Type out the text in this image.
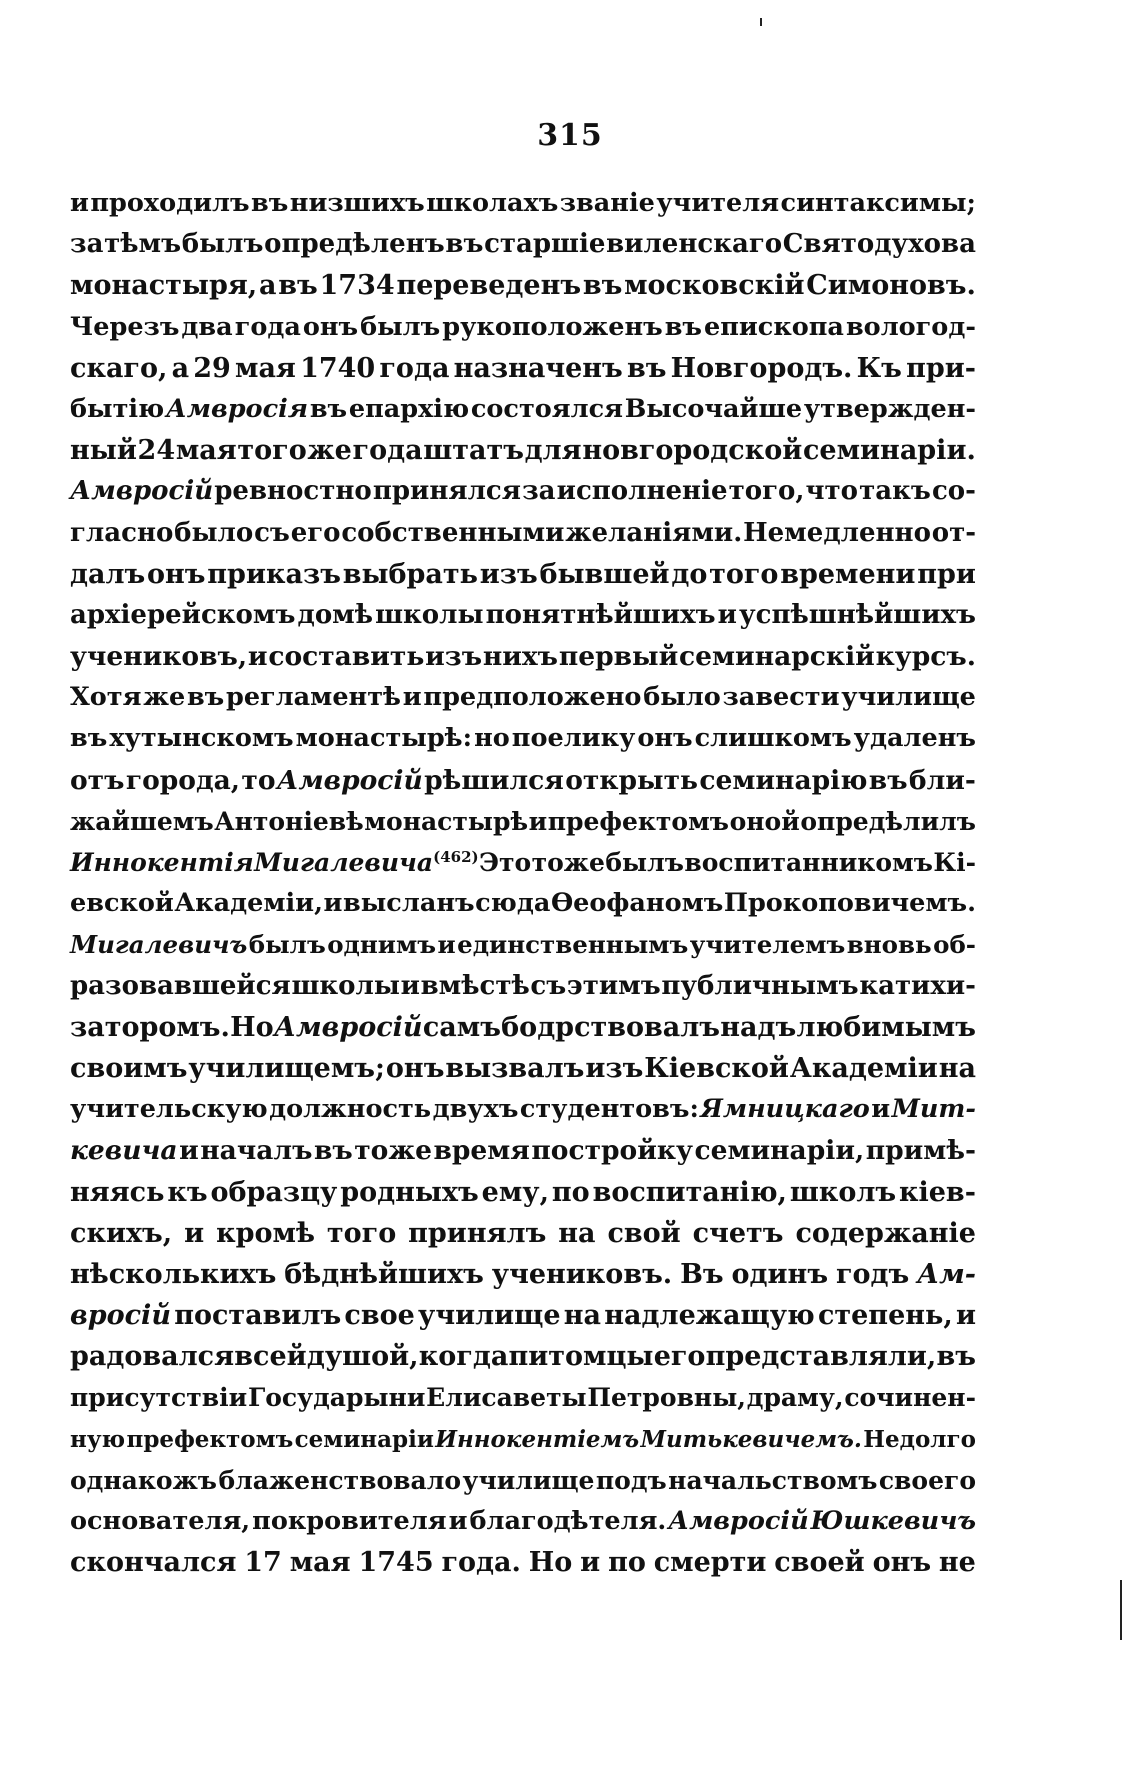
315
и проходилъ въ низшихъ школахъ званіе учителя синтаксимы;
за тѣмъ былъ опредѣленъ въ старшіе виленскаго Святодухова
монастыря, а въ 1734 переведенъ въ московскій Симоновъ.
Черезъ два года онъ былъ рукоположенъ въ епископа вологод-
скаго, а 29 мая 1740 года назначенъ въ Новгородъ. Къ при-
бытію Амвросія въ епархію состоялся Высочайше утвержден-
ный 24 мая того же года штатъ для новгородской семинаріи.
Амвросій ревностно принялся за исполненіе того, что такъ со-
гласно было съ его собственными желаніями. Немедленно от-
далъ онъ приказъ выбрать изъ бывшей до того времени при
архіерейскомъ домѣ школы понятнѣйшихъ и успѣшнѣйшихъ
учениковъ, и составить изъ нихъ первый семинарскій курсъ.
Хотя же въ регламентѣ и предположено было завести училище
въ хутынскомъ монастырѣ: но поелику онъ слишкомъ удаленъ
отъ города, то Амвросій рѣшился открыть семинарію въ бли-
жайшемъ Антоніевѣ монастырѣ и префектомъ оной опредѣлилъ
Иннокентія Мигалевича(462) Это тоже былъ воспитанникомъ Кі-
евской Академіи, и высланъ сюда Ѳеофаномъ Прокоповичемъ.
Мигалевичъ былъ однимъ и единственнымъ учителемъ вновь об-
разовавшейся школы и вмѣстѣ съ этимъ публичнымъ катихи-
заторомъ. Но Амвросій самъ бодрствовалъ надъ любимымъ
своимъ училищемъ; онъ вызвалъ изъ Кіевской Академіи на
учительскую должность двухъ студентовъ: Ямницкаго и Мит-
кевича и началъ въ тоже время постройку семинаріи, примѣ-
няясь къ образцу родныхъ ему, по воспитанію, школъ кіев-
скихъ, и кромѣ того принялъ на свой счетъ содержаніе
нѣсколькихъ бѣднѣйшихъ учениковъ. Въ одинъ годъ Ам-
вросій поставилъ свое училище на надлежащую степень, и
радовался всей душой, когда питомцы его представляли, въ
присутствіи Государыни Елисаветы Петровны, драму, сочинен-
ную префектомъ семинаріи Иннокентіемъ Митькевичемъ. Недолго
однакожъ блаженствовало училище подъ начальствомъ своего
основателя, покровителя и благодѣтеля. Амвросій Юшкевичъ
скончался 17 мая 1745 года. Но и по смерти своей онъ не
